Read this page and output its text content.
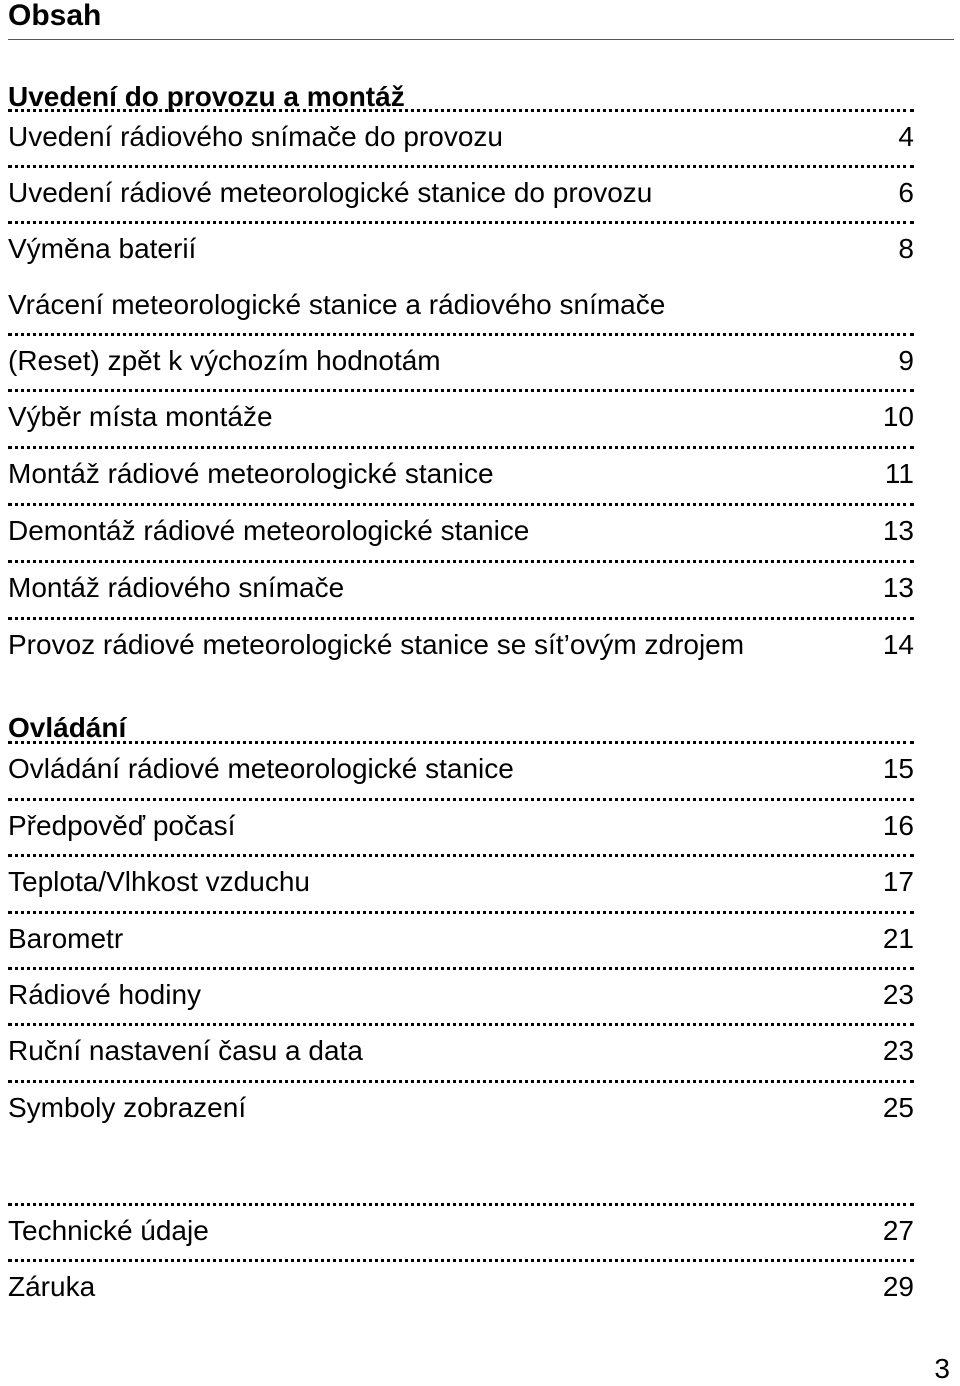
Obsah
Uvedení do provozu a montáž
Uvedení rádiového snímače do provozu	4
Uvedení rádiové meteorologické stanice do provozu	6
Výměna baterií	8
Vrácení meteorologické stanice a rádiového snímače
(Reset) zpět k výchozím hodnotám	9
Výběr místa montáže	10
Montáž rádiové meteorologické stanice	11
Demontáž rádiové meteorologické stanice	13
Montáž rádiového snímače	13
Provoz rádiové meteorologické stanice se sít’ovým zdrojem	14
Ovládání
Ovládání rádiové meteorologické stanice	15
Předpověď počasí	16
Teplota/Vlhkost vzduchu	17
Barometr	21
Rádiové hodiny	23
Ruční nastavení času a data	23
Symboly zobrazení	25
Technické údaje	27
Záruka	29
3
